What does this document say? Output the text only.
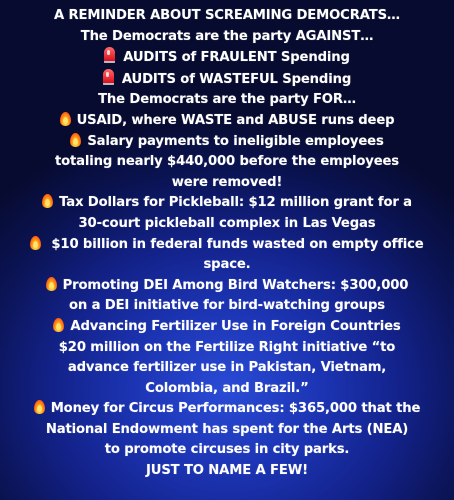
A REMINDER ABOUT SCREAMING DEMOCRATS…
The Democrats are the party AGAINST…
AUDITS of FRAULENT Spending
AUDITS of WASTEFUL Spending
The Democrats are the party FOR…
USAID, where WASTE and ABUSE runs deep
Salary payments to ineligible employees
totaling nearly $440,000 before the employees
were removed!
Tax Dollars for Pickleball: $12 million grant for a
30-court pickleball complex in Las Vegas
$10 billion in federal funds wasted on empty office
space.
Promoting DEI Among Bird Watchers: $300,000
on a DEI initiative for bird-watching groups
Advancing Fertilizer Use in Foreign Countries
$20 million on the Fertilize Right initiative “to
advance fertilizer use in Pakistan, Vietnam,
Colombia, and Brazil.”
Money for Circus Performances: $365,000 that the
National Endowment has spent for the Arts (NEA)
to promote circuses in city parks.
JUST TO NAME A FEW!
